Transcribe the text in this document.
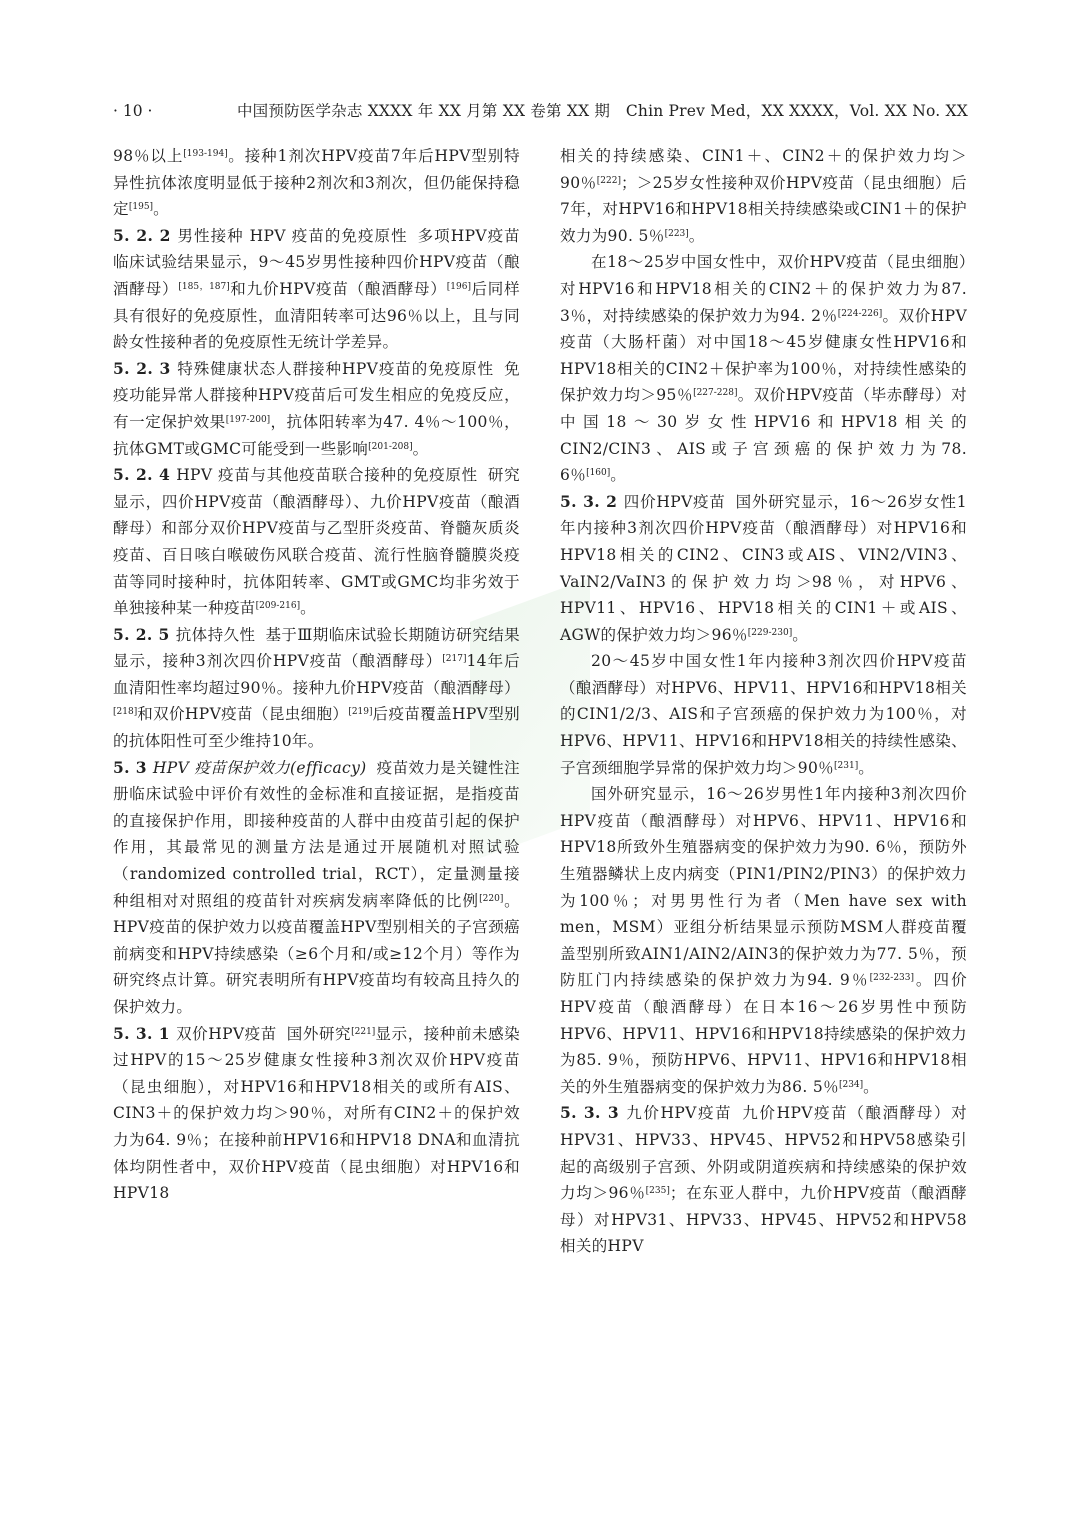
· 10 ·	中国预防医学杂志 XXXX 年 XX 月第 XX 卷第 XX 期　Chin Prev Med，XX XXXX，Vol. XX No. XX

98％以上[193-194]。接种1剂次HPV疫苗7年后HPV型别特异性抗体浓度明显低于接种2剂次和3剂次，但仍能保持稳定[195]。

5. 2. 2 男性接种 HPV 疫苗的免疫原性 多项HPV疫苗临床试验结果显示，9～45岁男性接种四价HPV疫苗（酿酒酵母）[185，187]和九价HPV疫苗（酿酒酵母）[196]后同样具有很好的免疫原性，血清阳转率可达96％以上，且与同龄女性接种者的免疫原性无统计学差异。

5. 2. 3 特殊健康状态人群接种HPV疫苗的免疫原性 免疫功能异常人群接种HPV疫苗后可发生相应的免疫反应，有一定保护效果[197-200]，抗体阳转率为47. 4％～100％，抗体GMT或GMC可能受到一些影响[201-208]。

5. 2. 4 HPV 疫苗与其他疫苗联合接种的免疫原性 研究显示，四价HPV疫苗（酿酒酵母）、九价HPV疫苗（酿酒酵母）和部分双价HPV疫苗与乙型肝炎疫苗、脊髓灰质炎疫苗、百日咳白喉破伤风联合疫苗、流行性脑脊髓膜炎疫苗等同时接种时，抗体阳转率、GMT或GMC均非劣效于单独接种某一种疫苗[209-216]。

5. 2. 5 抗体持久性 基于Ⅲ期临床试验长期随访研究结果显示，接种3剂次四价HPV疫苗（酿酒酵母）[217]14年后血清阳性率均超过90％。接种九价HPV疫苗（酿酒酵母）[218]和双价HPV疫苗（昆虫细胞）[219]后疫苗覆盖HPV型别的抗体阳性可至少维持10年。

5. 3 HPV 疫苗保护效力(efficacy) 疫苗效力是关键性注册临床试验中评价有效性的金标准和直接证据，是指疫苗的直接保护作用，即接种疫苗的人群中由疫苗引起的保护作用，其最常见的测量方法是通过开展随机对照试验（randomized controlled trial，RCT），定量测量接种组相对对照组的疫苗针对疾病发病率降低的比例[220]。HPV疫苗的保护效力以疫苗覆盖HPV型别相关的子宫颈癌前病变和HPV持续感染（≥6个月和/或≥12个月）等作为研究终点计算。研究表明所有HPV疫苗均有较高且持久的保护效力。

5. 3. 1 双价HPV疫苗 国外研究[221]显示，接种前未感染过HPV的15～25岁健康女性接种3剂次双价HPV疫苗（昆虫细胞），对HPV16和HPV18相关的或所有AIS、CIN3＋的保护效力均＞90％，对所有CIN2＋的保护效力为64. 9％；在接种前HPV16和HPV18 DNA和血清抗体均阴性者中，双价HPV疫苗（昆虫细胞）对HPV16和HPV18

相关的持续感染、CIN1＋、CIN2＋的保护效力均＞90％[222]；＞25岁女性接种双价HPV疫苗（昆虫细胞）后7年，对HPV16和HPV18相关持续感染或CIN1＋的保护效力为90. 5％[223]。

在18～25岁中国女性中，双价HPV疫苗（昆虫细胞）对HPV16和HPV18相关的CIN2＋的保护效力为87. 3％，对持续感染的保护效力为94. 2％[224-226]。双价HPV疫苗（大肠杆菌）对中国18～45岁健康女性HPV16和HPV18相关的CIN2＋保护率为100％，对持续性感染的保护效力均＞95％[227-228]。双价HPV疫苗（毕赤酵母）对中国18～30岁女性HPV16和HPV18相关的CIN2/CIN3、AIS或子宫颈癌的保护效力为78. 6％[160]。

5. 3. 2 四价HPV疫苗 国外研究显示，16～26岁女性1年内接种3剂次四价HPV疫苗（酿酒酵母）对HPV16和HPV18相关的CIN2、CIN3或AIS、VIN2/VIN3、VaIN2/VaIN3的保护效力均＞98％，对HPV6、HPV11、HPV16、HPV18相关的CIN1＋或AIS、AGW的保护效力均＞96％[229-230]。

20～45岁中国女性1年内接种3剂次四价HPV疫苗（酿酒酵母）对HPV6、HPV11、HPV16和HPV18相关的CIN1/2/3、AIS和子宫颈癌的保护效力为100％，对HPV6、HPV11、HPV16和HPV18相关的持续性感染、子宫颈细胞学异常的保护效力均＞90％[231]。

国外研究显示，16～26岁男性1年内接种3剂次四价HPV疫苗（酿酒酵母）对HPV6、HPV11、HPV16和HPV18所致外生殖器病变的保护效力为90. 6％，预防外生殖器鳞状上皮内病变（PIN1/PIN2/PIN3）的保护效力为100％；对男男性行为者（Men have sex with men，MSM）亚组分析结果显示预防MSM人群疫苗覆盖型别所致AIN1/AIN2/AIN3的保护效力为77. 5％，预防肛门内持续感染的保护效力为94. 9％[232-233]。四价HPV疫苗（酿酒酵母）在日本16～26岁男性中预防HPV6、HPV11、HPV16和HPV18持续感染的保护效力为85. 9％，预防HPV6、HPV11、HPV16和HPV18相关的外生殖器病变的保护效力为86. 5％[234]。

5. 3. 3 九价HPV疫苗 九价HPV疫苗（酿酒酵母）对HPV31、HPV33、HPV45、HPV52和HPV58感染引起的高级别子宫颈、外阴或阴道疾病和持续感染的保护效力均＞96％[235]；在东亚人群中，九价HPV疫苗（酿酒酵母）对HPV31、HPV33、HPV45、HPV52和HPV58相关的HPV
